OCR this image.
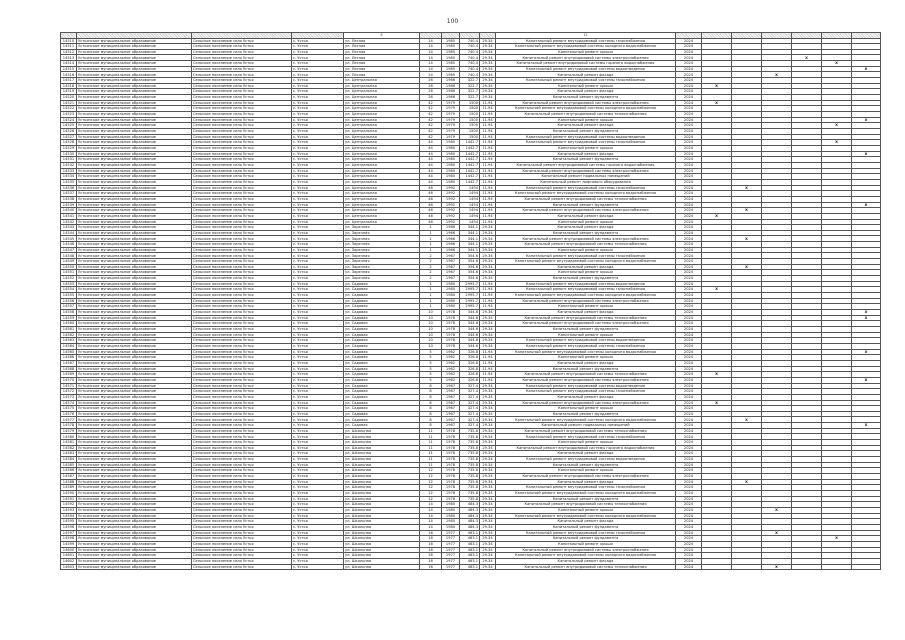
100
				8					11							
14510	Устьянское муниципальное образование	Сельское поселение село Устья	с. Устья	ул. Лесная	14	1985	740.4	29.34	Капитальный ремонт внутридомовой системы газоснабжения	2024						
14511	Устьянское муниципальное образование	Сельское поселение село Устья	с. Устья	ул. Лесная	14	1985	740.4	29.34	Капитальный ремонт внутридомовой системы холодного водоснабжения	2024						
14512	Устьянское муниципальное образование	Сельское поселение село Устья	с. Устья	ул. Лесная	14	1985	740.4	29.34	Капитальный ремонт крыши	2024						
14513	Устьянское муниципальное образование	Сельское поселение село Устья	с. Устья	ул. Лесная	14	1985	740.4	29.34	Капитальный ремонт внутридомовой системы электроснабжения	2024				X		
14514	Устьянское муниципальное образование	Сельское поселение село Устья	с. Устья	ул. Лесная	14	1985	740.4	29.34	Капитальный ремонт внутридомовой системы горячего водоснабжения	2024					X	
14515	Устьянское муниципальное образование	Сельское поселение село Устья	с. Устья	ул. Лесная	14	1985	740.4	29.34	Капитальный ремонт внутридомовой системы водоотведения	2024						X
14516	Устьянское муниципальное образование	Сельское поселение село Устья	с. Устья	ул. Лесная	14	1985	740.4	29.34	Капитальный ремонт фасада	2024			X			
14517	Устьянское муниципальное образование	Сельское поселение село Устья	с. Устья	ул. Центральная	26	1966	322.7	29.34	Капитальный ремонт внутридомовой системы газоснабжения	2024						
14518	Устьянское муниципальное образование	Сельское поселение село Устья	с. Устья	ул. Центральная	26	1966	322.7	29.34	Капитальный ремонт крыши	2024	X					
14519	Устьянское муниципальное образование	Сельское поселение село Устья	с. Устья	ул. Центральная	26	1966	322.7	29.34	Капитальный ремонт фасада	2024						
14520	Устьянское муниципальное образование	Сельское поселение село Устья	с. Устья	ул. Центральная	26	1966	322.7	29.34	Капитальный ремонт фундамента	2024						
14521	Устьянское муниципальное образование	Сельское поселение село Устья	с. Устья	ул. Центральная	42	1979	1500	11.94	Капитальный ремонт внутридомовой системы электроснабжения	2024	X					
14522	Устьянское муниципальное образование	Сельское поселение село Устья	с. Устья	ул. Центральная	42	1979	1500	11.94	Капитальный ремонт внутридомовой системы холодного водоснабжения	2024						
14523	Устьянское муниципальное образование	Сельское поселение село Устья	с. Устья	ул. Центральная	42	1979	1500	11.94	Капитальный ремонт внутридомовой системы теплоснабжения	2024						
14524	Устьянское муниципальное образование	Сельское поселение село Устья	с. Устья	ул. Центральная	42	1979	1500	11.94	Капитальный ремонт крыши	2024						X
14525	Устьянское муниципальное образование	Сельское поселение село Устья	с. Устья	ул. Центральная	42	1979	1500	11.94	Капитальный ремонт фасада	2024					X	
14526	Устьянское муниципальное образование	Сельское поселение село Устья	с. Устья	ул. Центральная	42	1979	1500	11.94	Капитальный ремонт фундамента	2024						
14527	Устьянское муниципальное образование	Сельское поселение село Устья	с. Устья	ул. Центральная	42	1979	1500	11.94	Капитальный ремонт внутридомовой системы водоотведения	2024						
14528	Устьянское муниципальное образование	Сельское поселение село Устья	с. Устья	ул. Центральная	44	1980	1442.7	11.94	Капитальный ремонт внутридомовой системы газоснабжения	2024					X	
14529	Устьянское муниципальное образование	Сельское поселение село Устья	с. Устья	ул. Центральная	44	1980	1442.7	11.94	Капитальный ремонт крыши	2024						
14530	Устьянское муниципальное образование	Сельское поселение село Устья	с. Устья	ул. Центральная	44	1980	1442.7	11.94	Капитальный ремонт фасада	2024						X
14531	Устьянское муниципальное образование	Сельское поселение село Устья	с. Устья	ул. Центральная	44	1980	1442.7	11.94	Капитальный ремонт фундамента	2024						
14532	Устьянское муниципальное образование	Сельское поселение село Устья	с. Устья	ул. Центральная	44	1980	1442.7	11.94	Капитальный ремонт внутридомовой системы горячего водоснабжения	2024						
14533	Устьянское муниципальное образование	Сельское поселение село Устья	с. Устья	ул. Центральная	44	1980	1442.7	11.94	Капитальный ремонт внутридомовой системы электроснабжения	2024						
14534	Устьянское муниципальное образование	Сельское поселение село Устья	с. Устья	ул. Центральная	44	1980	1442.7	11.94	Капитальный ремонт подвальных помещений	2024						
14535	Устьянское муниципальное образование	Сельское поселение село Устья	с. Устья	ул. Центральная	44	1980	1442.7	11.94	Капитальный ремонт лифтового оборудования	2024						
14536	Устьянское муниципальное образование	Сельское поселение село Устья	с. Устья	ул. Центральная	46	1992	1494	11.94	Капитальный ремонт внутридомовой системы газоснабжения	2024		X				
14537	Устьянское муниципальное образование	Сельское поселение село Устья	с. Устья	ул. Центральная	46	1992	1494	11.94	Капитальный ремонт внутридомовой системы холодного водоснабжения	2024						
14538	Устьянское муниципальное образование	Сельское поселение село Устья	с. Устья	ул. Центральная	46	1992	1494	11.94	Капитальный ремонт внутридомовой системы теплоснабжения	2024						
14539	Устьянское муниципальное образование	Сельское поселение село Устья	с. Устья	ул. Центральная	46	1992	1494	11.94	Капитальный ремонт фундамента	2024						X
14540	Устьянское муниципальное образование	Сельское поселение село Устья	с. Устья	ул. Центральная	46	1992	1494	11.94	Капитальный ремонт внутридомовой системы электроснабжения	2024		X				
14541	Устьянское муниципальное образование	Сельское поселение село Устья	с. Устья	ул. Центральная	46	1992	1494	11.94	Капитальный ремонт фасада	2024	X					
14542	Устьянское муниципальное образование	Сельское поселение село Устья	с. Устья	ул. Центральная	46	1992	1494	11.94	Капитальный ремонт крыши	2024						
14543	Устьянское муниципальное образование	Сельское поселение село Устья	с. Устья	ул. Заречная	1	1966	344.1	29.34	Капитальный ремонт фасада	2024						
14544	Устьянское муниципальное образование	Сельское поселение село Устья	с. Устья	ул. Заречная	1	1966	344.1	29.34	Капитальный ремонт фундамента	2024						
14545	Устьянское муниципальное образование	Сельское поселение село Устья	с. Устья	ул. Заречная	1	1966	344.1	29.34	Капитальный ремонт внутридомовой системы электроснабжения	2024		X				
14546	Устьянское муниципальное образование	Сельское поселение село Устья	с. Устья	ул. Заречная	1	1966	344.1	29.34	Капитальный ремонт внутридомовой системы теплоснабжения	2024						
14547	Устьянское муниципальное образование	Сельское поселение село Устья	с. Устья	ул. Заречная	1	1966	344.1	29.34	Капитальный ремонт крыши	2024						
14548	Устьянское муниципальное образование	Сельское поселение село Устья	с. Устья	ул. Заречная	2	1967	354.6	29.34	Капитальный ремонт внутридомовой системы газоснабжения	2024						
14549	Устьянское муниципальное образование	Сельское поселение село Устья	с. Устья	ул. Заречная	2	1967	354.6	29.34	Капитальный ремонт внутридомовой системы холодного водоснабжения	2024						
14550	Устьянское муниципальное образование	Сельское поселение село Устья	с. Устья	ул. Заречная	2	1967	354.6	29.34	Капитальный ремонт фасада	2024		X				
14551	Устьянское муниципальное образование	Сельское поселение село Устья	с. Устья	ул. Заречная	2	1967	354.6	29.34	Капитальный ремонт крыши	2024						
14552	Устьянское муниципальное образование	Сельское поселение село Устья	с. Устья	ул. Заречная	2	1967	354.6	29.34	Капитальный ремонт фундамента	2024						
14553	Устьянское муниципальное образование	Сельское поселение село Устья	с. Устья	ул. Садовая	1	1980	2995.7	11.94	Капитальный ремонт внутридомовой системы водоотведения	2024						
14554	Устьянское муниципальное образование	Сельское поселение село Устья	с. Устья	ул. Садовая	1	1980	2995.7	11.94	Капитальный ремонт внутридомовой системы газоснабжения	2024	X					
14555	Устьянское муниципальное образование	Сельское поселение село Устья	с. Устья	ул. Садовая	1	1980	2995.7	11.94	Капитальный ремонт внутридомовой системы холодного водоснабжения	2024						
14556	Устьянское муниципальное образование	Сельское поселение село Устья	с. Устья	ул. Садовая	1	1980	2995.7	11.94	Капитальный ремонт внутридомовой системы электроснабжения	2024						
14557	Устьянское муниципальное образование	Сельское поселение село Устья	с. Устья	ул. Садовая	1	1980	2995.7	11.94	Капитальный ремонт крыши	2024						
14558	Устьянское муниципальное образование	Сельское поселение село Устья	с. Устья	ул. Садовая	10	1978	344.6	29.34	Капитальный ремонт фасада	2024						X
14559	Устьянское муниципальное образование	Сельское поселение село Устья	с. Устья	ул. Садовая	10	1978	344.6	29.34	Капитальный ремонт внутридомовой системы теплоснабжения	2024						X
14560	Устьянское муниципальное образование	Сельское поселение село Устья	с. Устья	ул. Садовая	10	1978	344.6	29.34	Капитальный ремонт внутридомовой системы электроснабжения	2024						
14561	Устьянское муниципальное образование	Сельское поселение село Устья	с. Устья	ул. Садовая	10	1978	344.6	29.34	Капитальный ремонт фундамента	2024						
14562	Устьянское муниципальное образование	Сельское поселение село Устья	с. Устья	ул. Садовая	10	1978	344.6	29.34	Капитальный ремонт крыши	2024						
14563	Устьянское муниципальное образование	Сельское поселение село Устья	с. Устья	ул. Садовая	10	1978	344.6	29.34	Капитальный ремонт внутридомовой системы водоотведения	2024						
14564	Устьянское муниципальное образование	Сельское поселение село Устья	с. Устья	ул. Садовая	10	1978	344.6	29.34	Капитальный ремонт внутридомовой системы газоснабжения	2024						
14565	Устьянское муниципальное образование	Сельское поселение село Устья	с. Устья	ул. Садовая	5	1962	326.8	11.94	Капитальный ремонт внутридомовой системы холодного водоснабжения	2024						X
14566	Устьянское муниципальное образование	Сельское поселение село Устья	с. Устья	ул. Садовая	5	1962	326.8	11.94	Капитальный ремонт крыши	2024						
14567	Устьянское муниципальное образование	Сельское поселение село Устья	с. Устья	ул. Садовая	5	1962	326.8	11.94	Капитальный ремонт фасада	2024						
14568	Устьянское муниципальное образование	Сельское поселение село Устья	с. Устья	ул. Садовая	5	1962	326.8	11.94	Капитальный ремонт фундамента	2024						
14569	Устьянское муниципальное образование	Сельское поселение село Устья	с. Устья	ул. Садовая	5	1962	326.8	11.94	Капитальный ремонт внутридомовой системы теплоснабжения	2024	X					
14570	Устьянское муниципальное образование	Сельское поселение село Устья	с. Устья	ул. Садовая	5	1962	326.8	11.94	Капитальный ремонт внутридомовой системы электроснабжения	2024						X
14571	Устьянское муниципальное образование	Сельское поселение село Устья	с. Устья	ул. Садовая	8	1967	327.4	29.34	Капитальный ремонт внутридомовой системы водоотведения	2024						
14572	Устьянское муниципальное образование	Сельское поселение село Устья	с. Устья	ул. Садовая	8	1967	327.4	29.34	Капитальный ремонт внутридомовой системы газоснабжения	2024						
14573	Устьянское муниципальное образование	Сельское поселение село Устья	с. Устья	ул. Садовая	8	1967	327.4	29.34	Капитальный ремонт фасада	2024						
14574	Устьянское муниципальное образование	Сельское поселение село Устья	с. Устья	ул. Садовая	8	1967	327.4	29.34	Капитальный ремонт внутридомовой системы электроснабжения	2024	X					
14575	Устьянское муниципальное образование	Сельское поселение село Устья	с. Устья	ул. Садовая	8	1967	327.4	29.34	Капитальный ремонт крыши	2024						
14576	Устьянское муниципальное образование	Сельское поселение село Устья	с. Устья	ул. Садовая	8	1967	327.4	29.34	Капитальный ремонт фундамента	2024						
14577	Устьянское муниципальное образование	Сельское поселение село Устья	с. Устья	ул. Садовая	8	1967	327.4	29.34	Капитальный ремонт внутридомовой системы холодного водоснабжения	2024		X				
14578	Устьянское муниципальное образование	Сельское поселение село Устья	с. Устья	ул. Садовая	8	1967	327.4	29.34	Капитальный ремонт подвальных помещений	2024						X
14579	Устьянское муниципальное образование	Сельское поселение село Устья	с. Устья	ул. Школьная	11	1978	735.8	29.34	Капитальный ремонт внутридомовой системы теплоснабжения	2024						
14580	Устьянское муниципальное образование	Сельское поселение село Устья	с. Устья	ул. Школьная	11	1978	735.8	29.34	Капитальный ремонт внутридомовой системы газоснабжения	2024						
14581	Устьянское муниципальное образование	Сельское поселение село Устья	с. Устья	ул. Школьная	11	1978	735.8	29.34	Капитальный ремонт крыши	2024						
14582	Устьянское муниципальное образование	Сельское поселение село Устья	с. Устья	ул. Школьная	11	1978	735.8	29.34	Капитальный ремонт внутридомовой системы горячего водоснабжения	2024						
14583	Устьянское муниципальное образование	Сельское поселение село Устья	с. Устья	ул. Школьная	11	1978	735.8	29.34	Капитальный ремонт фасада	2024						
14584	Устьянское муниципальное образование	Сельское поселение село Устья	с. Устья	ул. Школьная	11	1978	735.8	29.34	Капитальный ремонт внутридомовой системы водоотведения	2024						
14585	Устьянское муниципальное образование	Сельское поселение село Устья	с. Устья	ул. Школьная	11	1978	735.8	29.34	Капитальный ремонт фундамента	2024						
14586	Устьянское муниципальное образование	Сельское поселение село Устья	с. Устья	ул. Школьная	12	1978	735.8	29.34	Капитальный ремонт крыши	2024						
14587	Устьянское муниципальное образование	Сельское поселение село Устья	с. Устья	ул. Школьная	12	1978	735.8	29.34	Капитальный ремонт внутридомовой системы электроснабжения	2024						
14588	Устьянское муниципальное образование	Сельское поселение село Устья	с. Устья	ул. Школьная	12	1978	735.8	29.34	Капитальный ремонт фасада	2024		X				
14589	Устьянское муниципальное образование	Сельское поселение село Устья	с. Устья	ул. Школьная	12	1978	735.8	29.34	Капитальный ремонт внутридомовой системы газоснабжения	2024						
14590	Устьянское муниципальное образование	Сельское поселение село Устья	с. Устья	ул. Школьная	12	1978	735.8	29.34	Капитальный ремонт внутридомовой системы холодного водоснабжения	2024						
14591	Устьянское муниципальное образование	Сельское поселение село Устья	с. Устья	ул. Школьная	12	1978	735.8	29.34	Капитальный ремонт фундамента	2024						
14592	Устьянское муниципальное образование	Сельское поселение село Устья	с. Устья	ул. Школьная	14	1980	484.3	29.34	Капитальный ремонт внутридомовой системы теплоснабжения	2024						
14593	Устьянское муниципальное образование	Сельское поселение село Устья	с. Устья	ул. Школьная	14	1980	484.3	29.34	Капитальный ремонт крыши	2024			X			
14594	Устьянское муниципальное образование	Сельское поселение село Устья	с. Устья	ул. Школьная	14	1980	484.3	29.34	Капитальный ремонт внутридомовой системы холодного водоснабжения	2024						
14595	Устьянское муниципальное образование	Сельское поселение село Устья	с. Устья	ул. Школьная	14	1980	484.3	29.34	Капитальный ремонт фасада	2024						
14596	Устьянское муниципальное образование	Сельское поселение село Устья	с. Устья	ул. Школьная	14	1980	484.3	29.34	Капитальный ремонт фундамента	2024						
14597	Устьянское муниципальное образование	Сельское поселение село Устья	с. Устья	ул. Школьная	16	1977	463.1	29.34	Капитальный ремонт внутридомовой системы газоснабжения	2024			X			
14598	Устьянское муниципальное образование	Сельское поселение село Устья	с. Устья	ул. Школьная	16	1977	463.1	29.34	Капитальный ремонт фундамента	2024					X	
14599	Устьянское муниципальное образование	Сельское поселение село Устья	с. Устья	ул. Школьная	16	1977	463.1	29.34	Капитальный ремонт крыши	2024						
14600	Устьянское муниципальное образование	Сельское поселение село Устья	с. Устья	ул. Школьная	16	1977	463.1	29.34	Капитальный ремонт внутридомовой системы электроснабжения	2024						
14601	Устьянское муниципальное образование	Сельское поселение село Устья	с. Устья	ул. Школьная	16	1977	463.1	29.34	Капитальный ремонт внутридомовой системы холодного водоснабжения	2024						
14602	Устьянское муниципальное образование	Сельское поселение село Устья	с. Устья	ул. Школьная	16	1977	463.1	29.34	Капитальный ремонт фасада	2024						
14603	Устьянское муниципальное образование	Сельское поселение село Устья	с. Устья	ул. Школьная	16	1977	463.1	29.34	Капитальный ремонт внутридомовой системы теплоснабжения	2024			X			
